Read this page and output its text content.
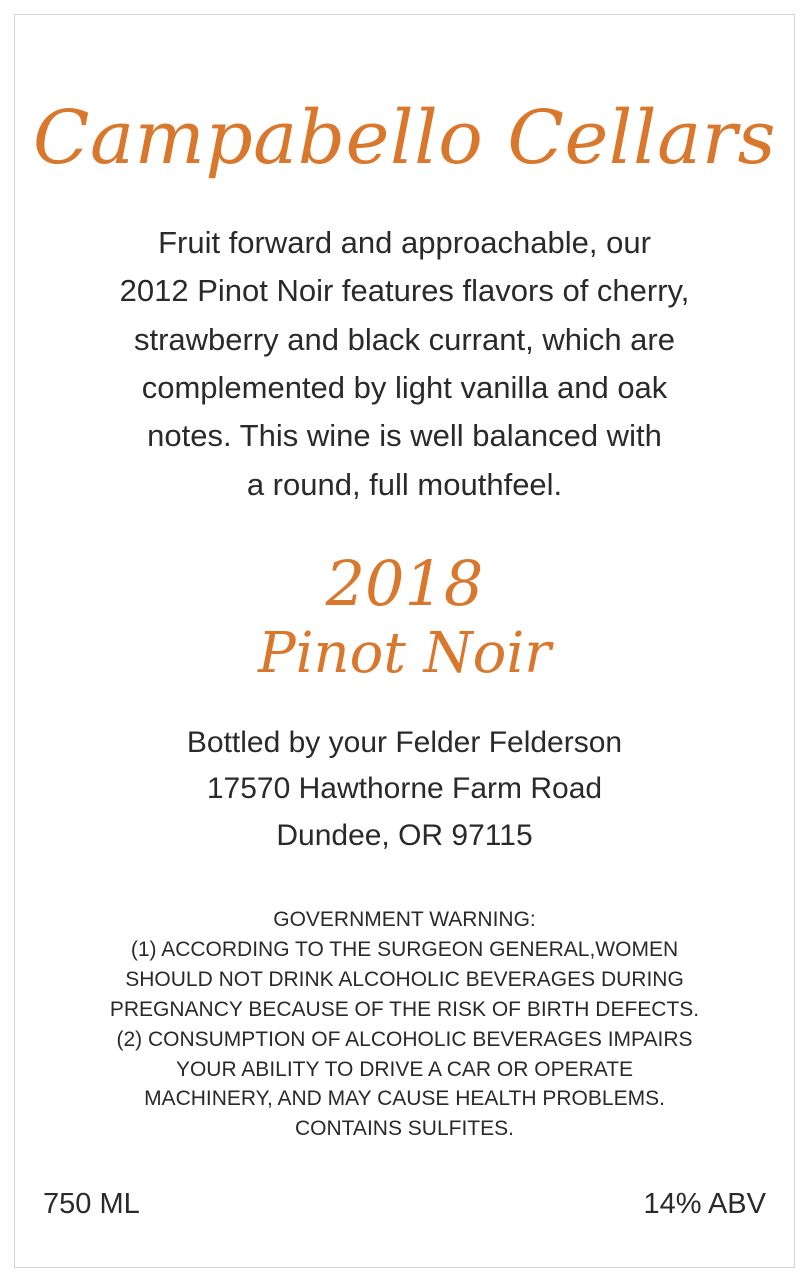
Campabello Cellars
Fruit forward and approachable, our
2012 Pinot Noir features flavors of cherry,
strawberry and black currant, which are
complemented by light vanilla and oak
notes. This wine is well balanced with
a round, full mouthfeel.
2018
Pinot Noir
Bottled by your Felder Felderson
17570 Hawthorne Farm Road
Dundee, OR 97115
GOVERNMENT WARNING:
(1) ACCORDING TO THE SURGEON GENERAL,WOMEN
SHOULD NOT DRINK ALCOHOLIC BEVERAGES DURING
PREGNANCY BECAUSE OF THE RISK OF BIRTH DEFECTS.
(2) CONSUMPTION OF ALCOHOLIC BEVERAGES IMPAIRS
YOUR ABILITY TO DRIVE A CAR OR OPERATE
MACHINERY, AND MAY CAUSE HEALTH PROBLEMS.
CONTAINS SULFITES.
750 ML	14% ABV
